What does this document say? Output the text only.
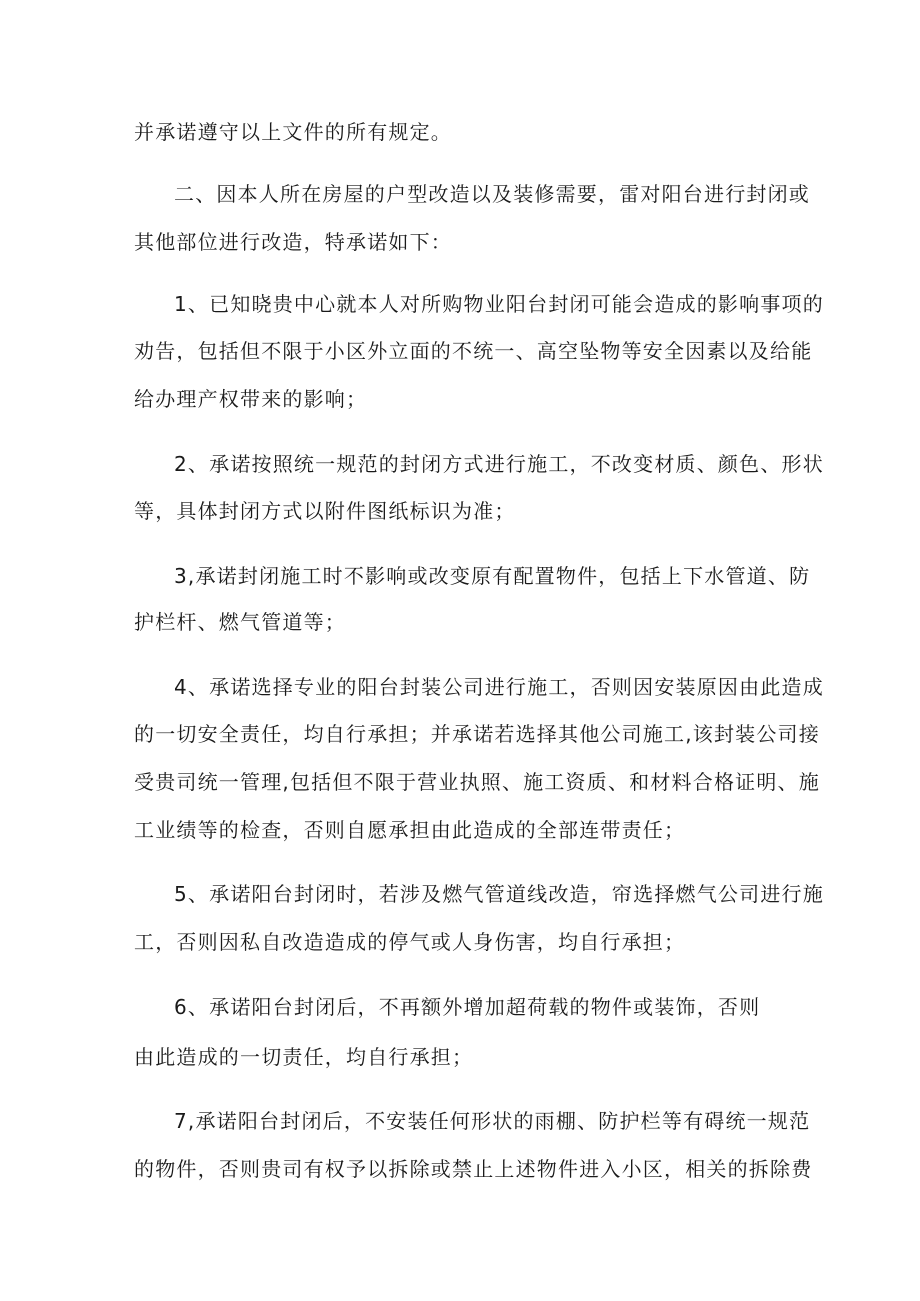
并承诺遵守以上文件的所有规定。
二、因本人所在房屋的户型改造以及装修需要，雷对阳台进行封闭或
其他部位进行改造，特承诺如下：
1、已知晓贵中心就本人对所购物业阳台封闭可能会造成的影响事项的
劝告，包括但不限于小区外立面的不统一、高空坠物等安全因素以及给能
给办理产权带来的影响；
2、承诺按照统一规范的封闭方式进行施工，不改变材质、颜色、形状
等，具体封闭方式以附件图纸标识为准；
3,承诺封闭施工时不影响或改变原有配置物件，包括上下水管道、防
护栏杆、燃气管道等；
4、承诺选择专业的阳台封装公司进行施工，否则因安装原因由此造成
的一切安全责任，均自行承担；并承诺若选择其他公司施工,该封装公司接
受贵司统一管理,包括但不限于营业执照、施工资质、和材料合格证明、施
工业绩等的检查，否则自愿承担由此造成的全部连带责任；
5、承诺阳台封闭时，若涉及燃气管道线改造，帘选择燃气公司进行施
工，否则因私自改造造成的停气或人身伤害，均自行承担；
6、承诺阳台封闭后，不再额外增加超荷载的物件或装饰，否则
由此造成的一切责任，均自行承担；
7,承诺阳台封闭后，不安装任何形状的雨棚、防护栏等有碍统一规范
的物件，否则贵司有权予以拆除或禁止上述物件进入小区，相关的拆除费
